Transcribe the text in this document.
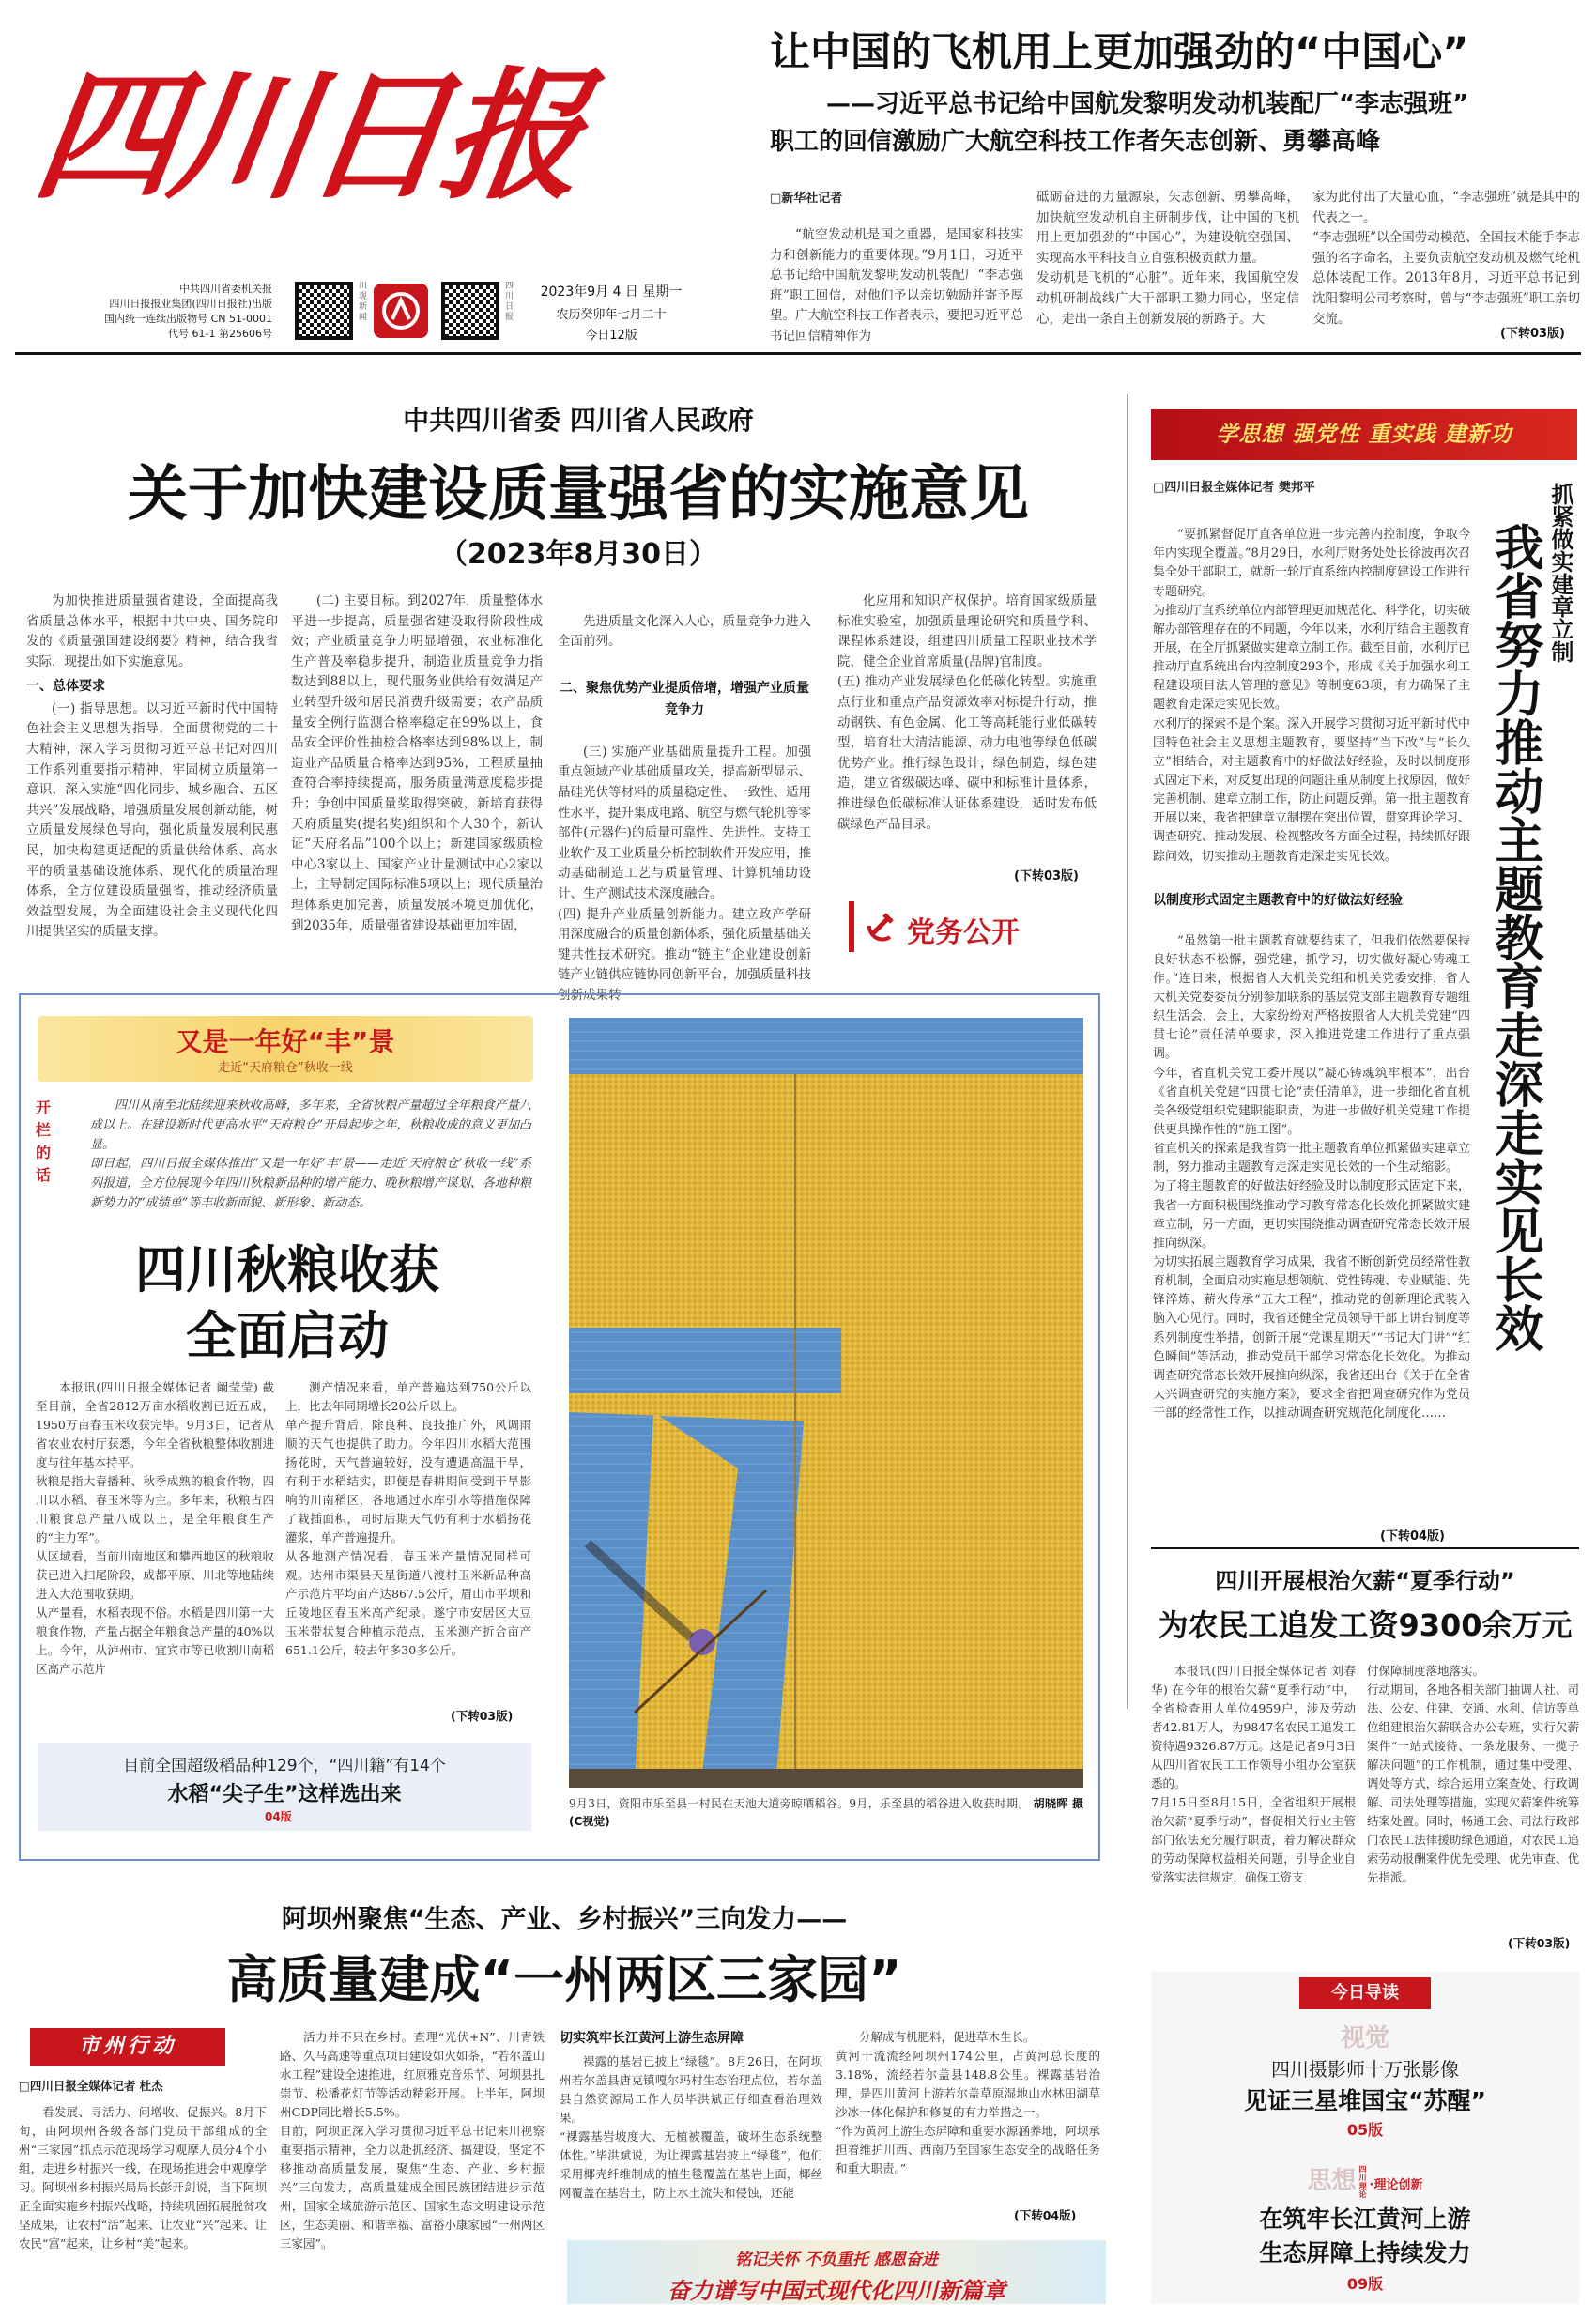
四川日报
中共四川省委机关报
四川日报报业集团(四川日报社)出版
国内统一连续出版物号 CN 51-0001
代号 61-1 第25606号
川观新闻
四川日报
2023年9月 4 日 星期一
农历癸卯年七月二十
今日12版
让中国的飞机用上更加强劲的“中国心”
——习近平总书记给中国航发黎明发动机装配厂“李志强班”
职工的回信激励广大航空科技工作者矢志创新、勇攀高峰
□新华社记者
“航空发动机是国之重器，是国家科技实力和创新能力的重要体现。”9月1日，习近平总书记给中国航发黎明发动机装配厂“李志强班”职工回信，对他们予以亲切勉励并寄予厚望。广大航空科技工作者表示，要把习近平总书记回信精神作为
砥砺奋进的力量源泉，矢志创新、勇攀高峰，加快航空发动机自主研制步伐，让中国的飞机用上更加强劲的“中国心”，为建设航空强国、实现高水平科技自立自强积极贡献力量。
发动机是飞机的“心脏”。近年来，我国航空发动机研制战线广大干部职工勠力同心，坚定信心，走出一条自主创新发展的新路子。大
家为此付出了大量心血，“李志强班”就是其中的代表之一。
“李志强班”以全国劳动模范、全国技术能手李志强的名字命名，主要负责航空发动机及燃气轮机总体装配工作。2013年8月，习近平总书记到沈阳黎明公司考察时，曾与“李志强班”职工亲切交流。
(下转03版)
中共四川省委 四川省人民政府
关于加快建设质量强省的实施意见
（2023年8月30日）

为加快推进质量强省建设，全面提高我省质量总体水平，根据中共中央、国务院印发的《质量强国建设纲要》精神，结合我省实际，现提出如下实施意见。

一、总体要求

(一) 指导思想。以习近平新时代中国特色社会主义思想为指导，全面贯彻党的二十大精神，深入学习贯彻习近平总书记对四川工作系列重要指示精神，牢固树立质量第一意识，深入实施“四化同步、城乡融合、五区共兴”发展战略，增强质量发展创新动能，树立质量发展绿色导向，强化质量发展利民惠民，加快构建更适配的质量供给体系、高水平的质量基础设施体系、现代化的质量治理体系，全方位建设质量强省，推动经济质量效益型发展，为全面建设社会主义现代化四川提供坚实的质量支撑。

(二) 主要目标。到2027年，质量整体水平进一步提高，质量强省建设取得阶段性成效；产业质量竞争力明显增强，农业标准化生产普及率稳步提升，制造业质量竞争力指数达到88以上，现代服务业供给有效满足产业转型升级和居民消费升级需要；农产品质量安全例行监测合格率稳定在99%以上，食品安全评价性抽检合格率达到98%以上，制造业产品质量合格率达到95%，工程质量抽查符合率持续提高，服务质量满意度稳步提升；争创中国质量奖取得突破，新培育获得天府质量奖(提名奖)组织和个人30个，新认证“天府名品”100个以上；新建国家级质检中心3家以上、国家产业计量测试中心2家以上，主导制定国际标准5项以上；现代质量治理体系更加完善，质量发展环境更加优化，到2035年，质量强省建设基础更加牢固，

先进质量文化深入人心，质量竞争力进入全面前列。

二、聚焦优势产业提质倍增，增强产业质量竞争力

(三) 实施产业基础质量提升工程。加强重点领域产业基础质量攻关，提高新型显示、晶硅光伏等材料的质量稳定性、一致性、适用性水平，提升集成电路、航空与燃气轮机等零部件(元器件)的质量可靠性、先进性。支持工业软件及工业质量分析控制软件开发应用，推动基础制造工艺与质量管理、计算机辅助设计、生产测试技术深度融合。
(四) 提升产业质量创新能力。建立政产学研用深度融合的质量创新体系，强化质量基础关键共性技术研究。推动“链主”企业建设创新链产业链供应链协同创新平台，加强质量科技创新成果转

化应用和知识产权保护。培育国家级质量标准实验室，加强质量理论研究和质量学科、课程体系建设，组建四川质量工程职业技术学院，健全企业首席质量(品牌)官制度。
(五) 推动产业发展绿色化低碳化转型。实施重点行业和重点产品资源效率对标提升行动，推动钢铁、有色金属、化工等高耗能行业低碳转型，培育壮大清洁能源、动力电池等绿色低碳优势产业。推行绿色设计，绿色制造，绿色建造，建立省级碳达峰、碳中和标准计量体系，推进绿色低碳标准认证体系建设，适时发布低碳绿色产品目录。
(下转03版)
党务公开
学思想 强党性 重实践 建新功
□四川日报全媒体记者 樊邦平	抓紧做实建章立制
我省努力推动主题教育走深走实见长效

“要抓紧督促厅直各单位进一步完善内控制度，争取今年内实现全覆盖。”8月29日，水利厅财务处处长徐波再次召集全处干部职工，就新一轮厅直系统内控制度建设工作进行专题研究。
为推动厅直系统单位内部管理更加规范化、科学化，切实破解办部管理存在的不同题，今年以来，水利厅结合主题教育开展，在全厅抓紧做实建章立制工作。截至目前，水利厅已推动厅直系统出台内控制度293个，形成《关于加强水利工程建设项目法人管理的意见》等制度63项，有力确保了主题教育走深走实见长效。
水利厅的探索不是个案。深入开展学习贯彻习近平新时代中国特色社会主义思想主题教育，要坚持“当下改”与“长久立”相结合，对主题教育中的好做法好经验，及时以制度形式固定下来，对反复出现的问题注重从制度上找原因，做好完善机制、建章立制工作，防止问题反弹。第一批主题教育开展以来，我省把建章立制摆在突出位置，贯穿理论学习、调查研究、推动发展、检视整改各方面全过程，持续抓好跟踪问效，切实推动主题教育走深走实见长效。

以制度形式固定主题教育中的好做法好经验

“虽然第一批主题教育就要结束了，但我们依然要保持良好状态不松懈，强党建，抓学习，切实做好凝心铸魂工作。”连日来，根据省人大机关党组和机关党委安排，省人大机关党委委员分别参加联系的基层党支部主题教育专题组织生活会，会上，大家纷纷对严格按照省人大机关党建“四贯七论”责任清单要求，深入推进党建工作进行了重点强调。
今年，省直机关党工委开展以“凝心铸魂筑牢根本”，出台《省直机关党建“四贯七论”责任清单》，进一步细化省直机关各级党组织党建职能职责，为进一步做好机关党建工作提供更具操作性的“施工图”。
省直机关的探索是我省第一批主题教育单位抓紧做实建章立制，努力推动主题教育走深走实见长效的一个生动缩影。
为了将主题教育的好做法好经验及时以制度形式固定下来，我省一方面积极围绕推动学习教育常态化长效化抓紧做实建章立制，另一方面，更切实围绕推动调查研究常态长效开展推向纵深。
为切实拓展主题教育学习成果，我省不断创新党员经常性教育机制，全面启动实施思想领航、党性铸魂、专业赋能、先锋淬炼、薪火传承“五大工程”，推动党的创新理论武装入脑入心见行。同时，我省还健全党员领导干部上讲台制度等系列制度性举措，创新开展“党课星期天”“书记大门讲”“红色瞬间”等活动，推动党员干部学习常态化长效化。为推动调查研究常态长效开展推向纵深，我省还出台《关于在全省大兴调查研究的实施方案》，要求全省把调查研究作为党员干部的经常性工作，以推动调查研究规范化制度化……

(下转04版)
四川开展根治欠薪“夏季行动”
为农民工追发工资9300余万元
本报讯(四川日报全媒体记者 刘春华) 在今年的根治欠薪“夏季行动”中，全省检查用人单位4959户，涉及劳动者42.81万人，为9847名农民工追发工资待遇9326.87万元。这是记者9月3日从四川省农民工工作领导小组办公室获悉的。
7月15日至8月15日，全省组织开展根治欠薪“夏季行动”，督促相关行业主管部门依法充分履行职责，着力解决群众的劳动保障权益相关问题，引导企业自觉落实法律规定，确保工资支
付保障制度落地落实。
行动期间，各地各相关部门抽调人社、司法、公安、住建、交通、水利、信访等单位组建根治欠薪联合办公专班，实行欠薪案件“一站式接待、一条龙服务、一揽子解决问题”的工作机制，通过集中受理、调处等方式，综合运用立案查处、行政调解、司法处理等措施，实现欠薪案件统筹结案处置。同时，畅通工会、司法行政部门农民工法律援助绿色通道，对农民工追索劳动报酬案件优先受理、优先审查、优先指派。
(下转03版)
又是一年好“丰”景
走近“天府粮仓”秋收一线
开栏的话
四川从南至北陆续迎来秋收高峰，多年来，全省秋粮产量超过全年粮食产量八成以上。在建设新时代更高水平“天府粮仓”开局起步之年，秋粮收成的意义更加凸显。
即日起，四川日报全媒体推出“又是一年好‘丰’景——走近‘天府粮仓’秋收一线”系列报道，全方位展现今年四川秋粮新品种的增产能力、晚秋粮增产谋划、各地种粮新势力的“成绩单”等丰收新面貌、新形象、新动态。
四川秋粮收获
全面启动
本报讯(四川日报全媒体记者 阚莹莹) 截至目前，全省2812万亩水稻收割已近五成，1950万亩春玉米收获完毕。9月3日，记者从省农业农村厅获悉，今年全省秋粮整体收割进度与往年基本持平。
秋粮是指大春播种、秋季成熟的粮食作物，四川以水稻、春玉米等为主。多年来，秋粮占四川粮食总产量八成以上，是全年粮食生产的“主力军”。
从区域看，当前川南地区和攀西地区的秋粮收获已进入扫尾阶段，成都平原、川北等地陆续进入大范围收获期。
从产量看，水稻表现不俗。水稻是四川第一大粮食作物，产量占据全年粮食总产量的40%以上。今年，从泸州市、宜宾市等已收割川南稻区高产示范片
测产情况来看，单产普遍达到750公斤以上，比去年同期增长20公斤以上。
单产提升背后，除良种、良技推广外，风调雨顺的天气也提供了助力。今年四川水稻大范围扬花时，天气普遍较好，没有遭遇高温干旱，有利于水稻结实，即便是春耕期间受到干旱影响的川南稻区，各地通过水库引水等措施保障了栽插面积，同时后期天气仍有利于水稻扬花灌浆，单产普遍提升。
从各地测产情况看，春玉米产量情况同样可观。达州市渠县天星街道八渡村玉米新品种高产示范片平均亩产达867.5公斤，眉山市平坝和丘陵地区春玉米高产纪录。遂宁市安居区大豆玉米带状复合种植示范点，玉米测产折合亩产651.1公斤，较去年多30多公斤。
(下转03版)
目前全国超级稻品种129个，“四川籍”有14个
水稻“尖子生”这样选出来
04版
9月3日，资阳市乐至县一村民在天池大道旁晾晒稻谷。9月，乐至县的稻谷进入收获时期。 胡晓晖 摄(C视觉)
阿坝州聚焦“生态、产业、乡村振兴”三向发力——
高质量建成“一州两区三家园”
市州行动
□四川日报全媒体记者 杜杰
看发展、寻活力、问增收、促振兴。8月下旬，由阿坝州各级各部门党员干部组成的全州“三家园”抓点示范现场学习观摩人员分4个小组，走进乡村振兴一线，在现场推进会中观摩学习。阿坝州乡村振兴局局长彭开剑说，当下阿坝正全面实施乡村振兴战略，持续巩固拓展脱贫攻坚成果，让农村“活”起来、让农业“兴”起来、让农民“富”起来，让乡村“美”起来。
活力并不只在乡村。查理“光伏+N”、川青铁路、久马高速等重点项目建设如火如荼，“若尔盖山水工程”建设全速推进，红原雅克音乐节、阿坝县扎崇节、松潘花灯节等活动精彩开展。上半年，阿坝州GDP同比增长5.5%。
目前，阿坝正深入学习贯彻习近平总书记来川视察重要指示精神，全力以赴抓经济、搞建设，坚定不移推动高质量发展，聚焦“生态、产业、乡村振兴”三向发力，高质量建成全国民族团结进步示范州，国家全域旅游示范区、国家生态文明建设示范区，生态美丽、和谐幸福、富裕小康家园“一州两区三家园”。
切实筑牢长江黄河上游生态屏障
裸露的基岩已披上“绿毯”。8月26日，在阿坝州若尔盖县唐克镇嘎尔玛村生态治理点位，若尔盖县自然资源局工作人员毕洪斌正仔细查看治理效果。
“裸露基岩坡度大、无植被覆盖，破坏生态系统整体性。”毕洪斌说，为让裸露基岩披上“绿毯”，他们采用椰壳纤维制成的植生毯覆盖在基岩上面，椰丝网覆盖在基岩土，防止水土流失和侵蚀，还能
分解成有机肥料，促进草木生长。
黄河干流流经阿坝州174公里，占黄河总长度的3.18%，流经若尔盖县148.8公里。裸露基岩治理，是四川黄河上游若尔盖草原湿地山水林田湖草沙冰一体化保护和修复的有力举措之一。
“作为黄河上游生态屏障和重要水源涵养地，阿坝承担着维护川西、西南乃至国家生态安全的战略任务和重大职责。”
(下转04版)
铭记关怀 不负重托 感恩奋进
奋力谱写中国式现代化四川新篇章
今日导读
视觉
四川摄影师十万张影像
见证三星堆国宝“苏醒”
05版
思想 四川
理论·理论创新
在筑牢长江黄河上游
生态屏障上持续发力
09版
